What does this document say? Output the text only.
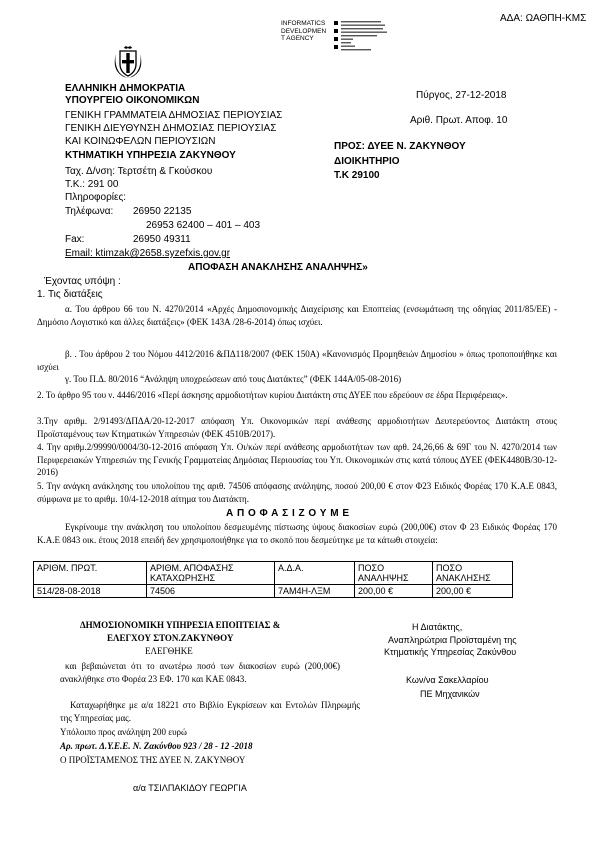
ΑΔΑ: ΩΑΘΠΗ-ΚΜΣ
INFORMATICS
DEVELOPMEN
T AGENCY
ΕΛΛΗΝΙΚΗ ΔΗΜΟΚΡΑΤΙΑ
ΥΠΟΥΡΓΕΙΟ ΟΙΚΟΝΟΜΙΚΩΝ
ΓΕΝΙΚΗ ΓΡΑΜΜΑΤΕΙΑ ΔΗΜΟΣΙΑΣ ΠΕΡΙΟΥΣΙΑΣ
ΓΕΝΙΚΗ ΔΙΕΥΘΥΝΣΗ ΔΗΜΟΣΙΑΣ ΠΕΡΙΟΥΣΙΑΣ
ΚΑΙ ΚΟΙΝΩΦΕΛΩΝ ΠΕΡΙΟΥΣΙΩΝ
ΚΤΗΜΑΤΙΚΗ ΥΠΗΡΕΣΙΑ ΖΑΚΥΝΘΟΥ
Ταχ. Δ/νση: Τερτσέτη & Γκούσκου
Τ.Κ.: 291 00
Πληροφορίες:
Τηλέφωνα: 26950 22135
26953 62400 – 401 – 403
Fax:	26950 49311
Email: ktimzak@2658.syzefxis.gov.gr
Πύργος, 27-12-2018
Αριθ. Πρωτ. Αποφ. 10
ΠΡΟΣ: ΔΥΕΕ Ν. ΖΑΚΥΝΘΟΥ
ΔΙΟΙΚΗΤΗΡΙΟ
Τ.Κ 29100
ΑΠΟΦΑΣΗ ΑΝΑΚΛΗΣΗΣ ΑΝΑΛΗΨΗΣ»
Έχοντας υπόψη :
1. Τις διατάξεις
α. Του άρθρου 66 του Ν. 4270/2014 «Αρχές Δημοσιονομικής Διαχείρισης και Εποπτείας (ενσωμάτωση της οδηγίας 2011/85/ΕΕ) - Δημόσιο Λογιστικό και άλλες διατάξεις» (ΦΕΚ 143Α /28-6-2014) όπως ισχύει.
β. . Του άρθρου 2 του Νόμου 4412/2016 &ΠΔ118/2007 (ΦΕΚ 150Α) «Κανονισμός Προμηθειών Δημοσίου » όπως τροποποιήθηκε και ισχύει
γ. Του Π.Δ. 80/2016 “Ανάληψη υποχρεώσεων από τους Διατάκτες” (ΦΕΚ 144Α/05-08-2016)
2. Το άρθρο 95 του ν. 4446/2016 «Περί άσκησης αρμοδιοτήτων κυρίου Διατάκτη στις ΔΥΕΕ που εδρεύουν σε έδρα Περιφέρειας».
3.Την αριθμ. 2/91493/ΔΠΔΑ/20-12-2017 απόφαση Υπ. Οικονομικών περί ανάθεσης αρμοδιοτήτων Δευτερεύοντος Διατάκτη στους Προϊσταμένους των Κτηματικών Υπηρεσιών (ΦΕΚ 4510Β/2017).
4. Την αριθμ.2/99990/0004/30-12-2016 απόφαση Υπ. Οι/κών περί ανάθεσης αρμοδιοτήτων των αρθ. 24,26,66 & 69Γ του Ν. 4270/2014 των Περιφερειακών Υπηρεσιών της Γενικής Γραμματείας Δημόσιας Περιουσίας του Υπ. Οικονομικών στις κατά τόπους ΔΥΕΕ (ΦΕΚ4480Β/30-12-2016)
5. Την ανάγκη ανάκλησης του υπολοίπου της αριθ. 74506 απόφασης ανάληψης, ποσού 200,00 € στον Φ23 Ειδικός Φορέας 170 Κ.Α.Ε 0843, σύμφωνα με το αριθμ. 10/4-12-2018 αίτημα του Διατάκτη.
Α Π Ο Φ Α Σ Ι Ζ Ο Υ Μ Ε
Εγκρίνουμε την ανάκληση του υπολοίπου δεσμευμένης πίστωσης ύψους διακοσίων ευρώ (200,00€) στον Φ 23 Ειδικός Φορέας 170 Κ.Α.Ε 0843 οικ. έτους 2018 επειδή δεν χρησιμοποιήθηκε για το σκοπό που δεσμεύτηκε με τα κάτωθι στοιχεία:
ΑΡΙΘΜ. ΠΡΩΤ.	ΑΡΙΘΜ. ΑΠΟΦΑΣΗΣ ΚΑΤΑΧΩΡΗΣΗΣ	Α.Δ.Α.	ΠΟΣΟ ΑΝΑΛΗΨΗΣ	ΠΟΣΟ ΑΝΑΚΛΗΣΗΣ
514/28-08-2018	74506	7ΑΜ4Η-ΛΞΜ	200,00 €	200,00 €
ΔΗΜΟΣΙΟΝΟΜΙΚΗ ΥΠΗΡΕΣΙΑ ΕΠΟΠΤΕΙΑΣ &
ΕΛΕΓΧΟΥ ΣΤΟΝ.ΖΑΚΥΝΘΟΥ
ΕΛΕΓΘΗΚΕ
και βεβαιώνεται ότι το ανωτέρω ποσό των διακοσίων ευρώ (200,00€) ανακλήθηκε στο Φορέα 23 ΕΦ. 170 και ΚΑΕ 0843.
Καταχωρήθηκε με α/α 18221 στο Βιβλίο Εγκρίσεων και Εντολών Πληρωμής της Υπηρεσίας μας.
Υπόλοιπο προς ανάληψη 200 ευρώ
Αρ. πρωτ. Δ.Υ.Ε.Ε. Ν. Ζακύνθου 923 / 28 - 12 -2018
Ο ΠΡΟΪΣΤΑΜΕΝΟΣ ΤΗΣ ΔΥΕΕ Ν. ΖΑΚΥΝΘΟΥ
α/α ΤΣΙΛΠΑΚΙΔΟΥ ΓΕΩΡΓΙΑ
Η Διατάκτης,
Αναπληρώτρια Προϊσταμένη της
Κτηματικής Υπηρεσίας Ζακύνθου
Κων/να Σακελλαρίου
ΠΕ Μηχανικών
